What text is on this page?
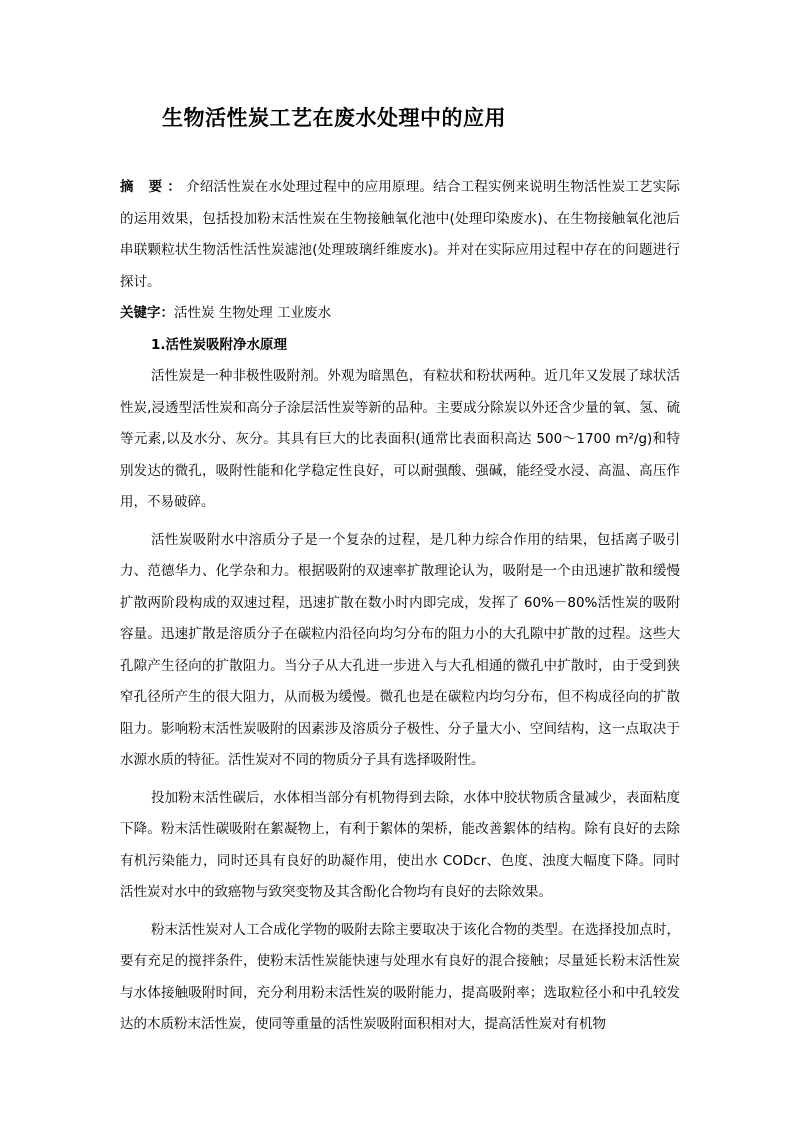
生物活性炭工艺在废水处理中的应用

摘 要：介绍活性炭在水处理过程中的应用原理。结合工程实例来说明生物活性炭工艺实际的运用效果，包括投加粉末活性炭在生物接触氧化池中(处理印染废水)、在生物接触氧化池后串联颗粒状生物活性活性炭滤池(处理玻璃纤维废水)。并对在实际应用过程中存在的问题进行探讨。

关键字：活性炭 生物处理 工业废水

1.活性炭吸附净水原理

活性炭是一种非极性吸附剂。外观为暗黑色，有粒状和粉状两种。近几年又发展了球状活性炭,浸透型活性炭和高分子涂层活性炭等新的品种。主要成分除炭以外还含少量的氧、氢、硫等元素,以及水分、灰分。其具有巨大的比表面积(通常比表面积高达 500～1700 m²/g)和特别发达的微孔，吸附性能和化学稳定性良好，可以耐强酸、强碱，能经受水浸、高温、高压作用，不易破碎。

活性炭吸附水中溶质分子是一个复杂的过程，是几种力综合作用的结果，包括离子吸引力、范德华力、化学杂和力。根据吸附的双速率扩散理论认为，吸附是一个由迅速扩散和缓慢扩散两阶段构成的双速过程，迅速扩散在数小时内即完成，发挥了 60%－80%活性炭的吸附容量。迅速扩散是溶质分子在碳粒内沿径向均匀分布的阻力小的大孔隙中扩散的过程。这些大孔隙产生径向的扩散阻力。当分子从大孔进一步进入与大孔相通的微孔中扩散时，由于受到狭窄孔径所产生的很大阻力，从而极为缓慢。微孔也是在碳粒内均匀分布，但不构成径向的扩散阻力。影响粉末活性炭吸附的因素涉及溶质分子极性、分子量大小、空间结构，这一点取决于水源水质的特征。活性炭对不同的物质分子具有选择吸附性。

投加粉末活性碳后，水体相当部分有机物得到去除，水体中胶状物质含量减少，表面粘度下降。粉末活性碳吸附在絮凝物上，有利于絮体的架桥，能改善絮体的结构。除有良好的去除有机污染能力，同时还具有良好的助凝作用，使出水 CODcr、色度、浊度大幅度下降。同时活性炭对水中的致癌物与致突变物及其含酚化合物均有良好的去除效果。

粉末活性炭对人工合成化学物的吸附去除主要取决于该化合物的类型。在选择投加点时，要有充足的搅拌条件，使粉末活性炭能快速与处理水有良好的混合接触；尽量延长粉末活性炭与水体接触吸附时间，充分利用粉末活性炭的吸附能力，提高吸附率；选取粒径小和中孔较发达的木质粉末活性炭，使同等重量的活性炭吸附面积相对大，提高活性炭对有机物
